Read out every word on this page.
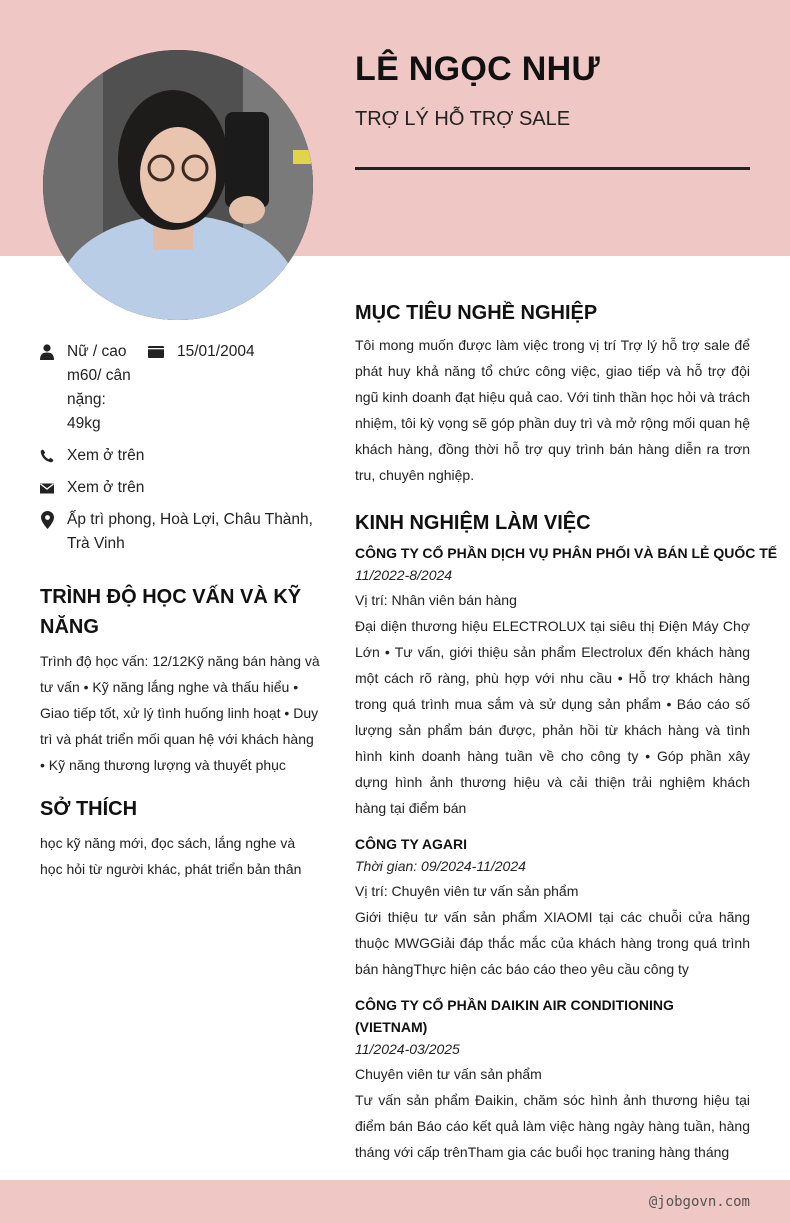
LÊ NGỌC NHƯ
TRỢ LÝ HỖ TRỢ SALE
Nữ / cao m60/ cân nặng: 49kg
15/01/2004
Xem ở trên
Xem ở trên
Ấp trì phong, Hoà Lợi, Châu Thành, Trà Vinh
TRÌNH ĐỘ HỌC VẤN VÀ KỸ NĂNG
Trình độ học vấn: 12/12Kỹ năng bán hàng và tư vấn • Kỹ năng lắng nghe và thấu hiểu • Giao tiếp tốt, xử lý tình huống linh hoạt • Duy trì và phát triển mối quan hệ với khách hàng • Kỹ năng thương lượng và thuyết phục
SỞ THÍCH
học kỹ năng mới, đọc sách, lắng nghe và học hỏi từ người khác, phát triển bản thân
MỤC TIÊU NGHỀ NGHIỆP
Tôi mong muốn được làm việc trong vị trí Trợ lý hỗ trợ sale để phát huy khả năng tổ chức công việc, giao tiếp và hỗ trợ đội ngũ kinh doanh đạt hiệu quả cao. Với tinh thần học hỏi và trách nhiệm, tôi kỳ vọng sẽ góp phần duy trì và mở rộng mối quan hệ khách hàng, đồng thời hỗ trợ quy trình bán hàng diễn ra trơn tru, chuyên nghiệp.
KINH NGHIỆM LÀM VIỆC
CÔNG TY CỔ PHẦN DỊCH VỤ PHÂN PHỐI VÀ BÁN LẺ QUỐC TẾ
11/2022-8/2024
Vị trí: Nhân viên bán hàng
Đại diện thương hiệu ELECTROLUX tại siêu thị Điện Máy Chợ Lớn • Tư vấn, giới thiệu sản phẩm Electrolux đến khách hàng một cách rõ ràng, phù hợp với nhu cầu • Hỗ trợ khách hàng trong quá trình mua sắm và sử dụng sản phẩm • Báo cáo số lượng sản phẩm bán được, phản hồi từ khách hàng và tình hình kinh doanh hàng tuần về cho công ty • Góp phần xây dựng hình ảnh thương hiệu và cải thiện trải nghiệm khách hàng tại điểm bán
CÔNG TY AGARI
Thời gian: 09/2024-11/2024
Vị trí: Chuyên viên tư vấn sản phẩm
Giới thiệu tư vấn sản phẩm XIAOMI tại các chuỗi cửa hãng thuộc MWGGiải đáp thắc mắc của khách hàng trong quá trình bán hàngThực hiện các báo cáo theo yêu cầu công ty
CÔNG TY CỔ PHẦN DAIKIN AIR CONDITIONING (VIETNAM)
11/2024-03/2025
Chuyên viên tư vấn sản phẩm
Tư vấn sản phẩm Đaikin, chăm sóc hình ảnh thương hiệu tại điểm bán Báo cáo kết quả làm việc hàng ngày hàng tuần, hàng tháng với cấp trênTham gia các buổi học traning hàng tháng
@jobgovn.com
